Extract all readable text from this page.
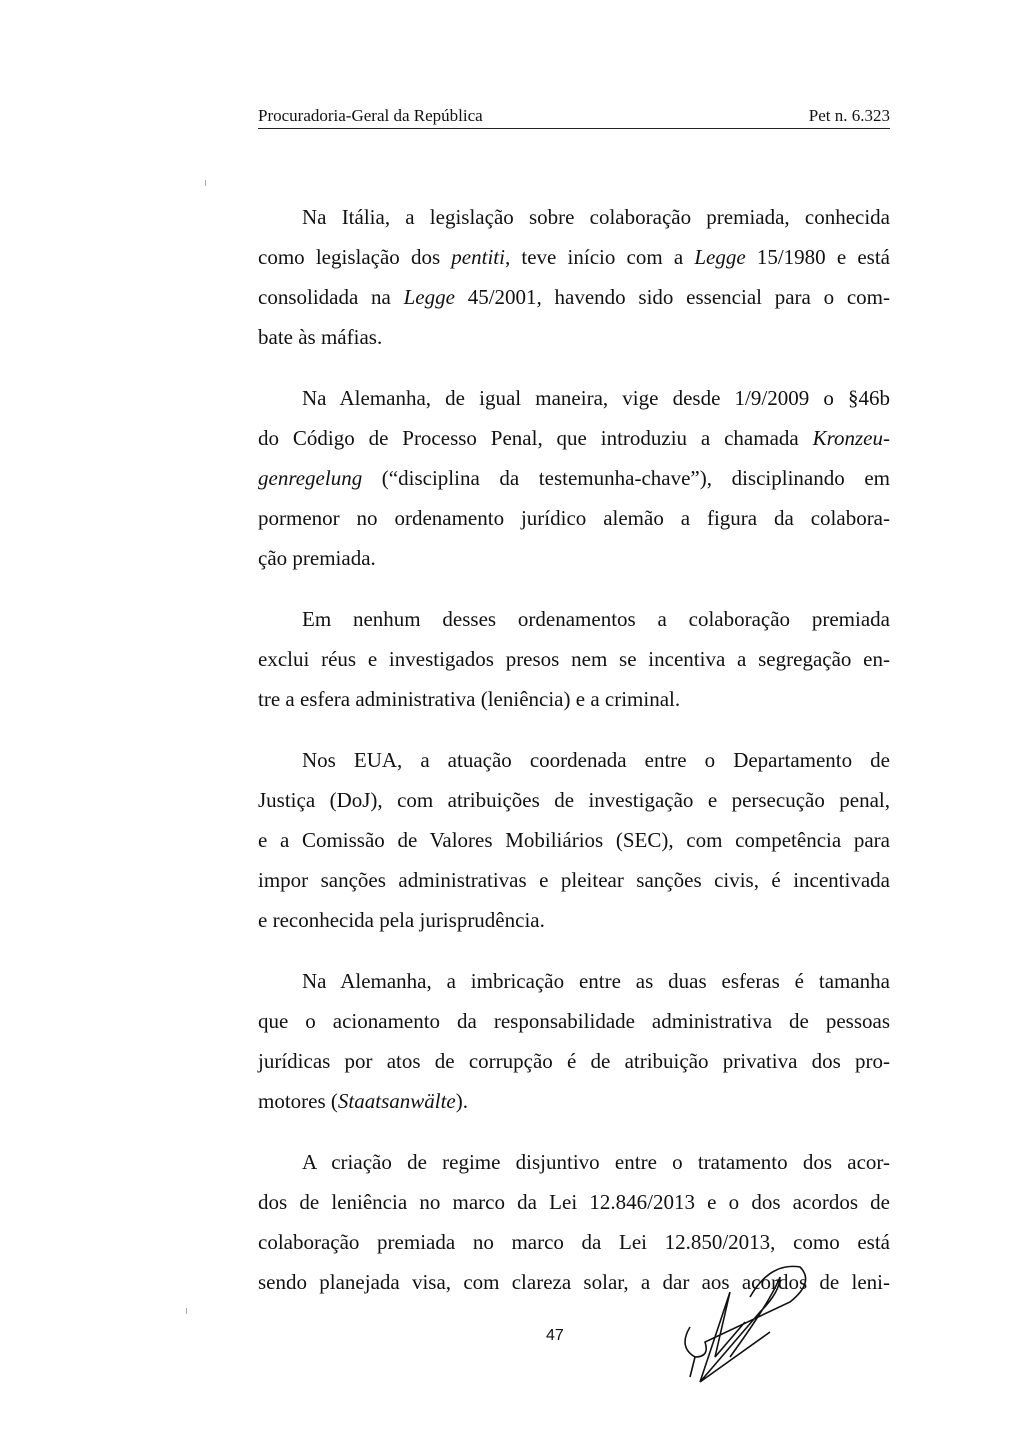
Procuradoria-Geral da República	Pet n. 6.323
Na Itália, a legislação sobre colaboração premiada, conhecida
como legislação dos pentiti, teve início com a Legge 15/1980 e está
consolidada na Legge 45/2001, havendo sido essencial para o com-
bate às máfias.
Na Alemanha, de igual maneira, vige desde 1/9/2009 o §46b
do Código de Processo Penal, que introduziu a chamada Kronzeu-
genregelung (“disciplina da testemunha-chave”), disciplinando em
pormenor no ordenamento jurídico alemão a figura da colabora-
ção premiada.
Em nenhum desses ordenamentos a colaboração premiada
exclui réus e investigados presos nem se incentiva a segregação en-
tre a esfera administrativa (leniência) e a criminal.
Nos EUA, a atuação coordenada entre o Departamento de
Justiça (DoJ), com atribuições de investigação e persecução penal,
e a Comissão de Valores Mobiliários (SEC), com competência para
impor sanções administrativas e pleitear sanções civis, é incentivada
e reconhecida pela jurisprudência.
Na Alemanha, a imbricação entre as duas esferas é tamanha
que o acionamento da responsabilidade administrativa de pessoas
jurídicas por atos de corrupção é de atribuição privativa dos pro-
motores (Staatsanwälte).
A criação de regime disjuntivo entre o tratamento dos acor-
dos de leniência no marco da Lei 12.846/2013 e o dos acordos de
colaboração premiada no marco da Lei 12.850/2013, como está
sendo planejada visa, com clareza solar, a dar aos acordos de leni-
47
